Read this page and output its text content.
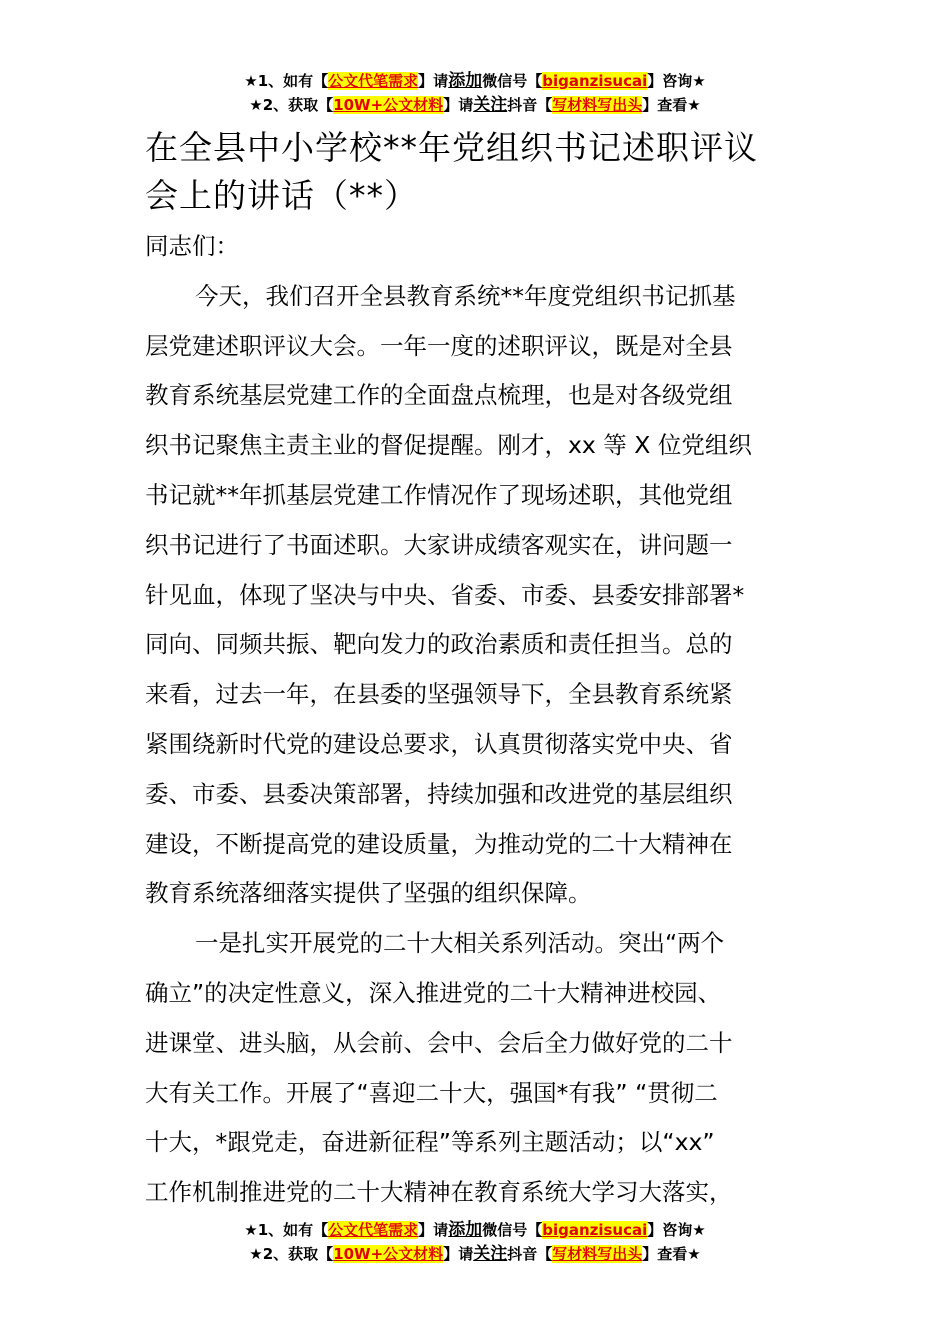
★1、如有【公文代笔需求】请添加微信号【biganzisucai】咨询★
★2、获取【10W+公文材料】请关注抖音【写材料写出头】查看★
在全县中小学校**年党组织书记述职评议
会上的讲话（**）
同志们：
今天，我们召开全县教育系统**年度党组织书记抓基
层党建述职评议大会。一年一度的述职评议，既是对全县
教育系统基层党建工作的全面盘点梳理，也是对各级党组
织书记聚焦主责主业的督促提醒。刚才，xx 等 X 位党组织
书记就**年抓基层党建工作情况作了现场述职，其他党组
织书记进行了书面述职。大家讲成绩客观实在，讲问题一
针见血，体现了坚决与中央、省委、市委、县委安排部署*
同向、同频共振、靶向发力的政治素质和责任担当。总的
来看，过去一年，在县委的坚强领导下，全县教育系统紧
紧围绕新时代党的建设总要求，认真贯彻落实党中央、省
委、市委、县委决策部署，持续加强和改进党的基层组织
建设，不断提高党的建设质量，为推动党的二十大精神在
教育系统落细落实提供了坚强的组织保障。
一是扎实开展党的二十大相关系列活动。突出“两个
确立”的决定性意义，深入推进党的二十大精神进校园、
进课堂、进头脑，从会前、会中、会后全力做好党的二十
大有关工作。开展了“喜迎二十大，强国*有我” “贯彻二
十大，*跟党走，奋进新征程”等系列主题活动；以“xx”
工作机制推进党的二十大精神在教育系统大学习大落实，
★1、如有【公文代笔需求】请添加微信号【biganzisucai】咨询★
★2、获取【10W+公文材料】请关注抖音【写材料写出头】查看★
